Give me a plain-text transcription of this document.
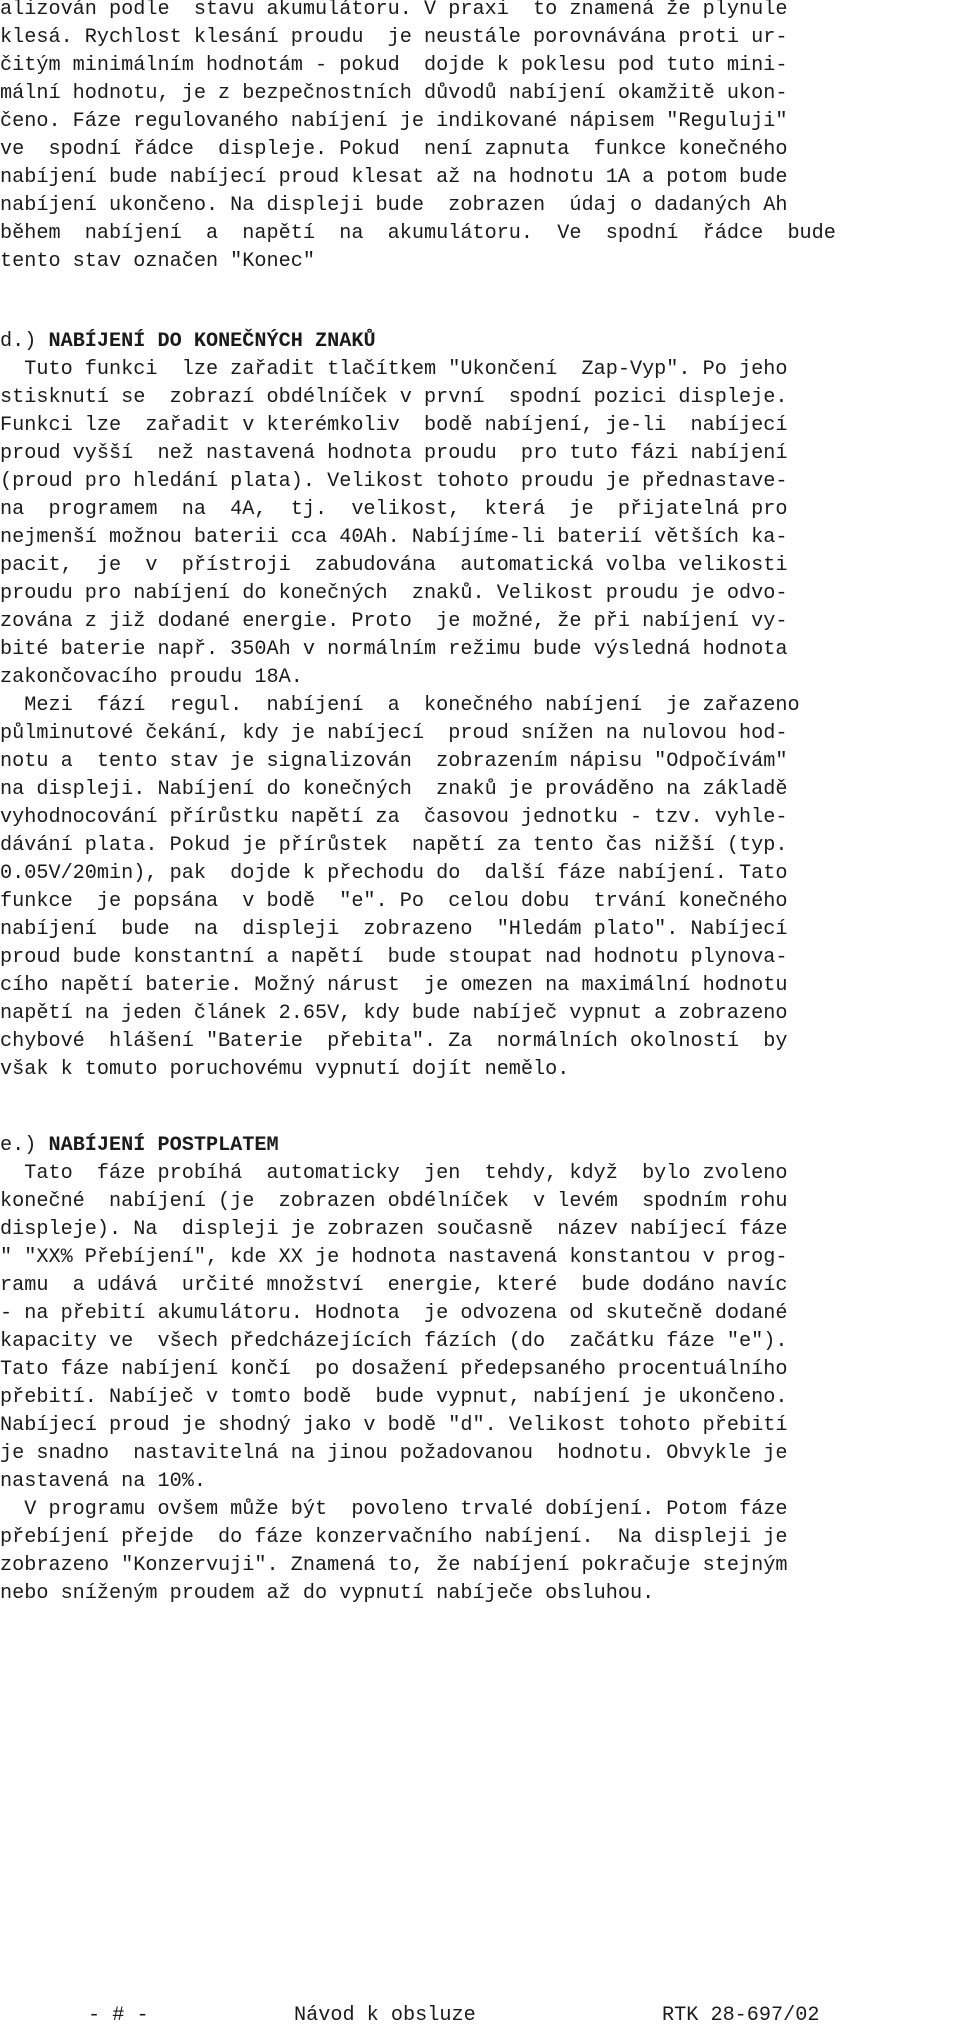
alizován podle  stavu akumulátoru. V praxi  to znamená že plynule
klesá. Rychlost klesání proudu  je neustále porovnávána proti ur-
čitým minimálním hodnotám - pokud  dojde k poklesu pod tuto mini-
mální hodnotu, je z bezpečnostních důvodů nabíjení okamžitě ukon-
čeno. Fáze regulovaného nabíjení je indikované nápisem "Reguluji"
ve  spodní řádce  displeje. Pokud  není zapnuta  funkce konečného
nabíjení bude nabíjecí proud klesat až na hodnotu 1A a potom bude
nabíjení ukončeno. Na displeji bude  zobrazen  údaj o dadaných Ah
během  nabíjení  a  napětí  na  akumulátoru.  Ve  spodní  řádce  bude
tento stav označen "Konec"
d.) NABÍJENÍ DO KONEČNÝCH ZNAKŮ
Tuto funkci  lze zařadit tlačítkem "Ukončení  Zap-Vyp". Po jeho
stisknutí se  zobrazí obdélníček v první  spodní pozici displeje.
Funkci lze  zařadit v kterémkoliv  bodě nabíjení, je-li  nabíjecí
proud vyšší  než nastavená hodnota proudu  pro tuto fázi nabíjení
(proud pro hledání plata). Velikost tohoto proudu je přednastave-
na  programem  na  4A,  tj.  velikost,  která  je  přijatelná pro
nejmenší možnou baterii cca 40Ah. Nabíjíme-li baterií větších ka-
pacit,  je  v  přístroji  zabudována  automatická volba velikosti
proudu pro nabíjení do konečných  znaků. Velikost proudu je odvo-
zována z již dodané energie. Proto  je možné, že při nabíjení vy-
bité baterie např. 350Ah v normálním režimu bude výsledná hodnota
zakončovacího proudu 18A.
Mezi  fází  regul.  nabíjení  a  konečného nabíjení  je zařazeno
půlminutové čekání, kdy je nabíjecí  proud snížen na nulovou hod-
notu a  tento stav je signalizován  zobrazením nápisu "Odpočívám"
na displeji. Nabíjení do konečných  znaků je prováděno na základě
vyhodnocování přírůstku napětí za  časovou jednotku - tzv. vyhle-
dávání plata. Pokud je přírůstek  napětí za tento čas nižší (typ.
0.05V/20min), pak  dojde k přechodu do  další fáze nabíjení. Tato
funkce  je popsána  v bodě  "e". Po  celou dobu  trvání konečného
nabíjení  bude  na  displeji  zobrazeno  "Hledám plato". Nabíjecí
proud bude konstantní a napětí  bude stoupat nad hodnotu plynova-
cího napětí baterie. Možný nárust  je omezen na maximální hodnotu
napětí na jeden článek 2.65V, kdy bude nabíječ vypnut a zobrazeno
chybové  hlášení "Baterie  přebita". Za  normálních okolností  by
však k tomuto poruchovému vypnutí dojít nemělo.
e.) NABÍJENÍ POSTPLATEM
Tato  fáze probíhá  automaticky  jen  tehdy, když  bylo zvoleno
konečné  nabíjení (je  zobrazen obdélníček  v levém  spodním rohu
displeje). Na  displeji je zobrazen současně  název nabíjecí fáze
" "XX% Přebíjení", kde XX je hodnota nastavená konstantou v prog-
ramu  a udává  určité množství  energie, které  bude dodáno navíc
- na přebití akumulátoru. Hodnota  je odvozena od skutečně dodané
kapacity ve  všech předcházejících fázích (do  začátku fáze "e").
Tato fáze nabíjení končí  po dosažení předepsaného procentuálního
přebití. Nabíječ v tomto bodě  bude vypnut, nabíjení je ukončeno.
Nabíjecí proud je shodný jako v bodě "d". Velikost tohoto přebití
je snadno  nastavitelná na jinou požadovanou  hodnotu. Obvykle je
nastavená na 10%.
V programu ovšem může být  povoleno trvalé dobíjení. Potom fáze
přebíjení přejde  do fáze konzervačního nabíjení.  Na displeji je
zobrazeno "Konzervuji". Znamená to, že nabíjení pokračuje stejným
nebo sníženým proudem až do vypnutí nabíječe obsluhou.
- # -	Návod k obsluze	RTK 28-697/02
